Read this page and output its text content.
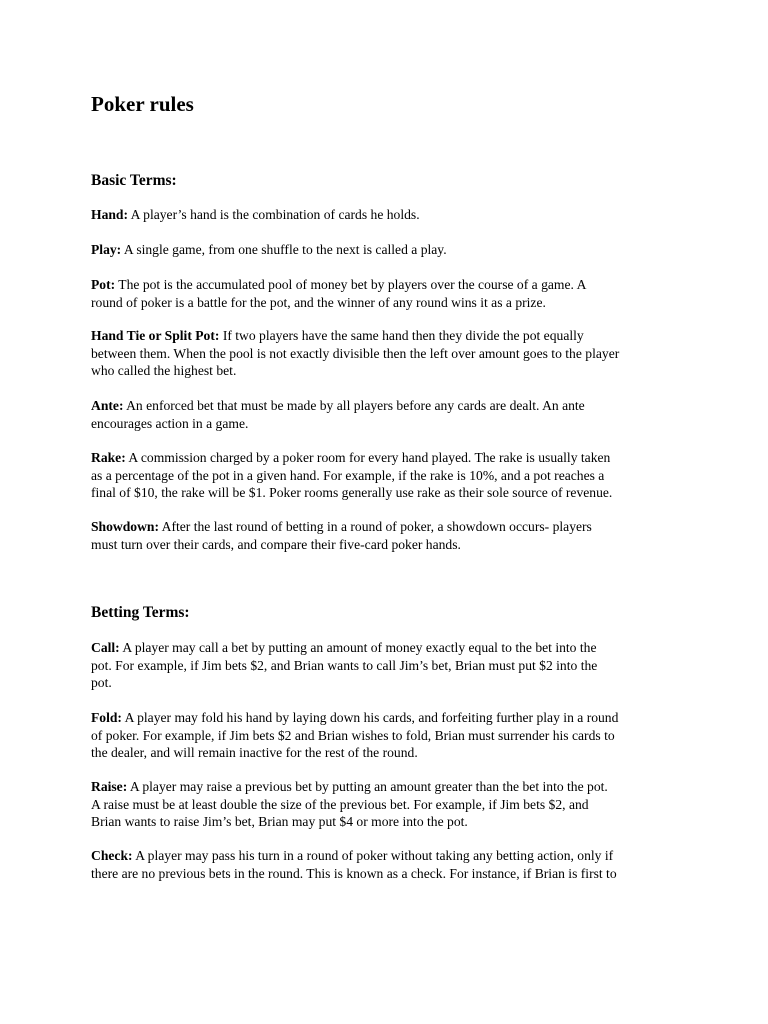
Poker rules
Basic Terms:
Hand: A player’s hand is the combination of cards he holds.
Play: A single game, from one shuffle to the next is called a play.
Pot: The pot is the accumulated pool of money bet by players over the course of a game. A
round of poker is a battle for the pot, and the winner of any round wins it as a prize.
Hand Tie or Split Pot: If two players have the same hand then they divide the pot equally
between them. When the pool is not exactly divisible then the left over amount goes to the player
who called the highest bet.
Ante: An enforced bet that must be made by all players before any cards are dealt. An ante
encourages action in a game.
Rake: A commission charged by a poker room for every hand played. The rake is usually taken
as a percentage of the pot in a given hand. For example, if the rake is 10%, and a pot reaches a
final of $10, the rake will be $1. Poker rooms generally use rake as their sole source of revenue.
Showdown: After the last round of betting in a round of poker, a showdown occurs- players
must turn over their cards, and compare their five-card poker hands.
Betting Terms:
Call: A player may call a bet by putting an amount of money exactly equal to the bet into the
pot. For example, if Jim bets $2, and Brian wants to call Jim’s bet, Brian must put $2 into the
pot.
Fold: A player may fold his hand by laying down his cards, and forfeiting further play in a round
of poker. For example, if Jim bets $2 and Brian wishes to fold, Brian must surrender his cards to
the dealer, and will remain inactive for the rest of the round.
Raise: A player may raise a previous bet by putting an amount greater than the bet into the pot.
A raise must be at least double the size of the previous bet. For example, if Jim bets $2, and
Brian wants to raise Jim’s bet, Brian may put $4 or more into the pot.
Check: A player may pass his turn in a round of poker without taking any betting action, only if
there are no previous bets in the round. This is known as a check. For instance, if Brian is first to
